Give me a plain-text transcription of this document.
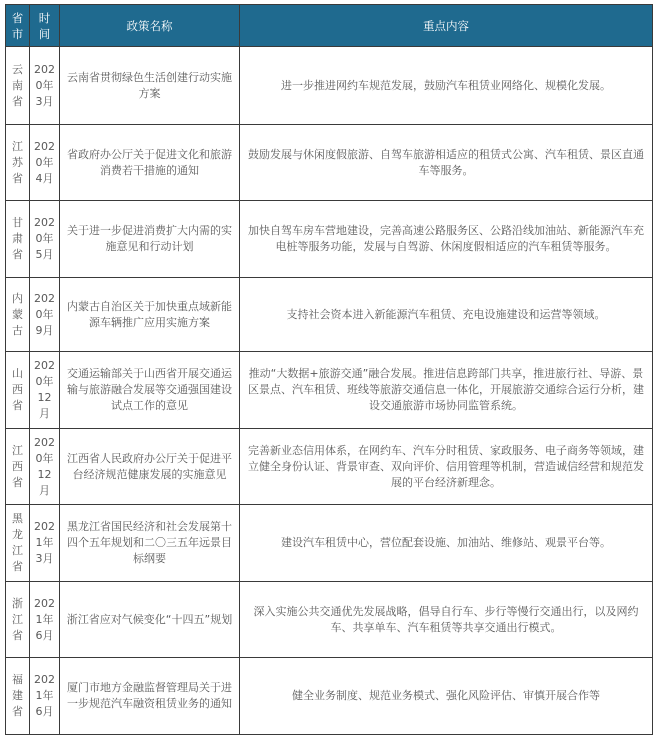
省市	时间	政策名称	重点内容
云南省	2020年3月	云南省贯彻绿色生活创建行动实施方案	进一步推进网约车规范发展，鼓励汽车租赁业网络化、规模化发展。
江苏省	2020年4月	省政府办公厅关于促进文化和旅游消费若干措施的通知	鼓励发展与休闲度假旅游、自驾车旅游相适应的租赁式公寓、汽车租赁、景区直通车等服务。
甘肃省	2020年5月	关于进一步促进消费扩大内需的实施意见和行动计划	加快自驾车房车营地建设，完善高速公路服务区、公路沿线加油站、新能源汽车充电桩等服务功能，发展与自驾游、休闲度假相适应的汽车租赁等服务。
内蒙古	2020年9月	内蒙古自治区关于加快重点域新能源车辆推广应用实施方案	支持社会资本进入新能源汽车租赁、充电设施建设和运营等领域。
山西省	2020年12月	交通运输部关于山西省开展交通运输与旅游融合发展等交通强国建设试点工作的意见	推动“大数据+旅游交通”融合发展。推进信息跨部门共享，推进旅行社、导游、景区景点、汽车租赁、班线等旅游交通信息一体化，开展旅游交通综合运行分析，建设交通旅游市场协同监管系统。
江西省	2020年12月	江西省人民政府办公厅关于促进平台经济规范健康发展的实施意见	完善新业态信用体系，在网约车、汽车分时租赁、家政服务、电子商务等领域，建立健全身份认证、背景审查、双向评价、信用管理等机制，营造诚信经营和规范发展的平台经济新理念。
黑龙江省	2021年3月	黑龙江省国民经济和社会发展第十四个五年规划和二〇三五年远景目标纲要	建设汽车租赁中心，营位配套设施、加油站、维修站、观景平台等。
浙江省	2021年6月	浙江省应对气候变化“十四五”规划	深入实施公共交通优先发展战略，倡导自行车、步行等慢行交通出行，以及网约车、共享单车、汽车租赁等共享交通出行模式。
福建省	2021年6月	厦门市地方金融监督管理局关于进一步规范汽车融资租赁业务的通知	健全业务制度、规范业务模式、强化风险评估、审慎开展合作等
